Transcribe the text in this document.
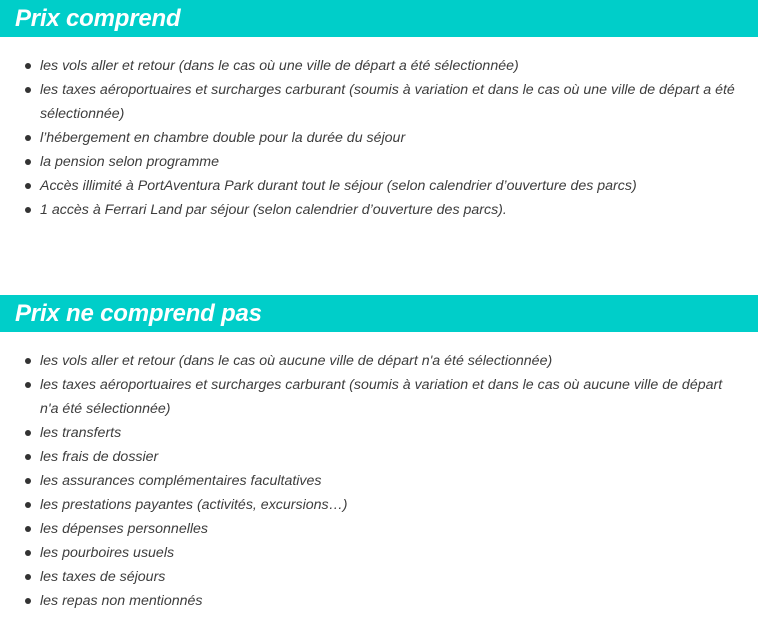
Prix comprend
les vols aller et retour (dans le cas où une ville de départ a été sélectionnée)
les taxes aéroportuaires et surcharges carburant (soumis à variation et dans le cas où une ville de départ a été sélectionnée)
l’hébergement en chambre double pour la durée du séjour
la pension selon programme
Accès illimité à PortAventura Park durant tout le séjour (selon calendrier d’ouverture des parcs)
1 accès à Ferrari Land par séjour (selon calendrier d’ouverture des parcs).
Prix ne comprend pas
les vols aller et retour (dans le cas où aucune ville de départ n'a été sélectionnée)
les taxes aéroportuaires et surcharges carburant (soumis à variation et dans le cas où aucune ville de départ n'a été sélectionnée)
les transferts
les frais de dossier
les assurances complémentaires facultatives
les prestations payantes (activités, excursions…)
les dépenses personnelles
les pourboires usuels
les taxes de séjours
les repas non mentionnés
